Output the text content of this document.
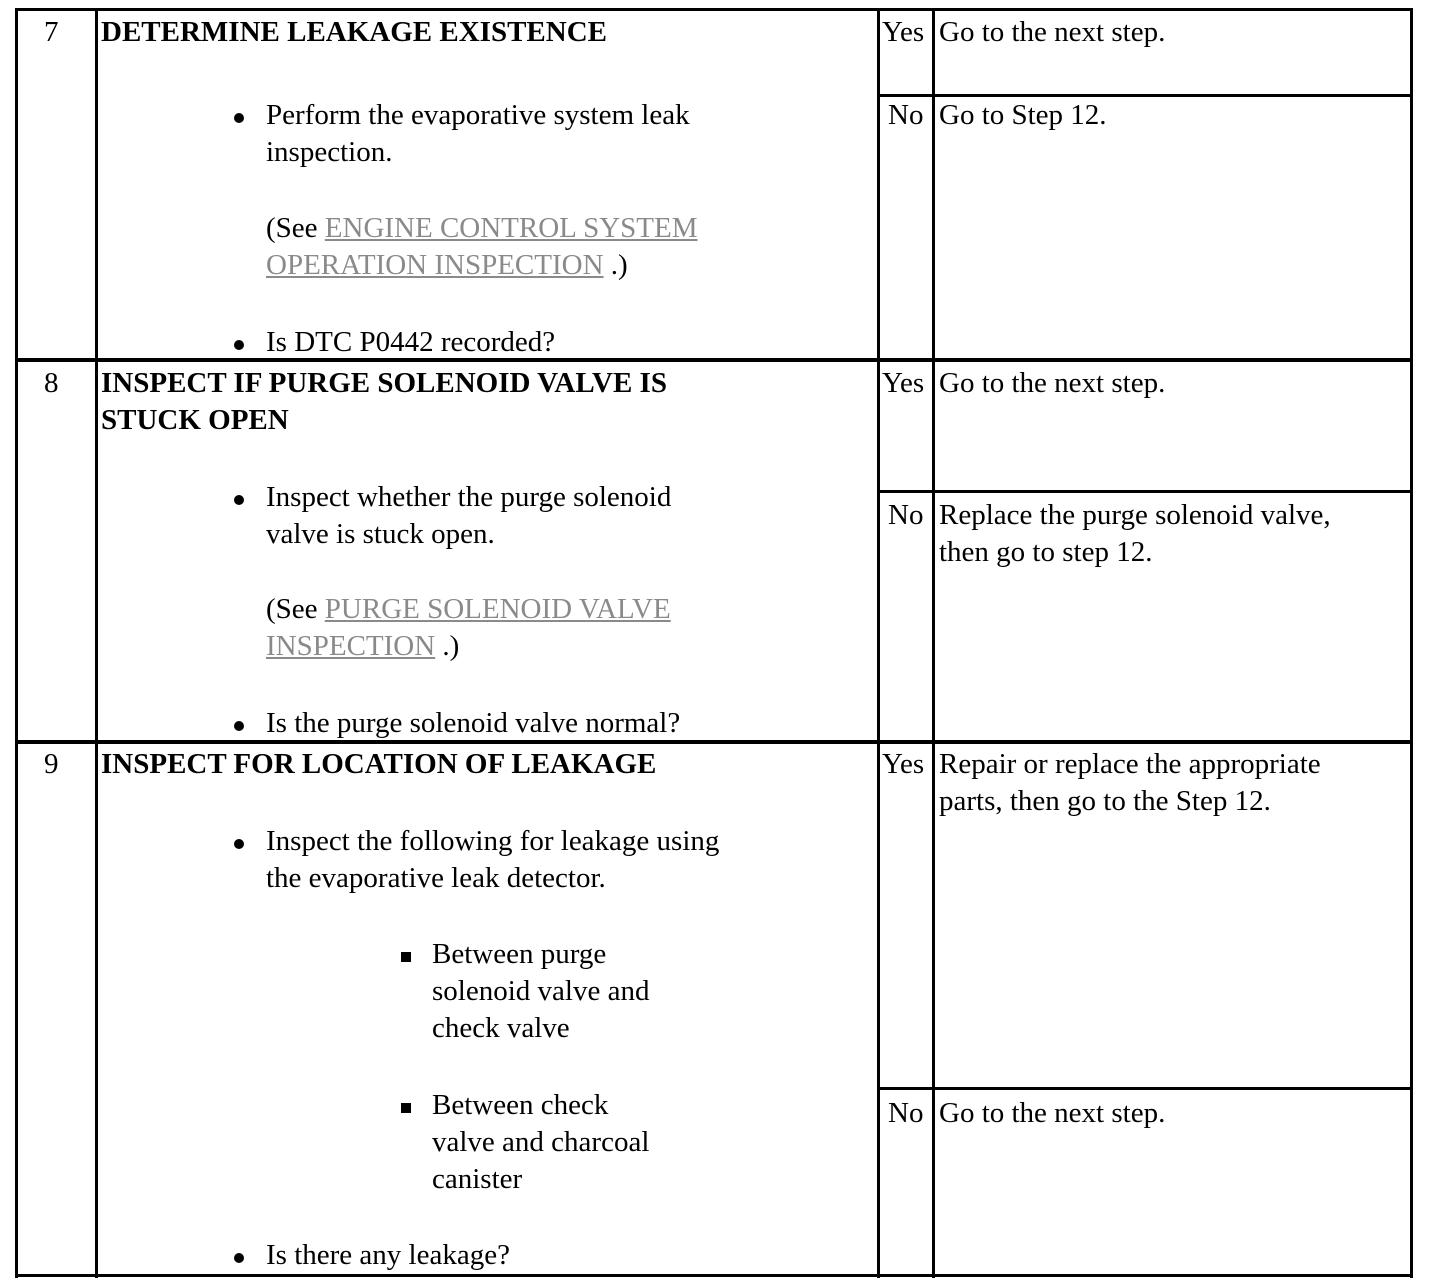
7 DETERMINE LEAKAGE EXISTENCE
Perform the evaporative system leak
inspection.
(See ENGINE CONTROL SYSTEM
OPERATION INSPECTION .)
Is DTC P0442 recorded?
Yes Go to the next step.
No Go to Step 12.
8 INSPECT IF PURGE SOLENOID VALVE IS
STUCK OPEN
Inspect whether the purge solenoid
valve is stuck open.
(See PURGE SOLENOID VALVE
INSPECTION .)
Is the purge solenoid valve normal?
Yes Go to the next step.
No Replace the purge solenoid valve,
then go to step 12.
9 INSPECT FOR LOCATION OF LEAKAGE
Inspect the following for leakage using
the evaporative leak detector.
Between purge
solenoid valve and
check valve
Between check
valve and charcoal
canister
Is there any leakage?
Yes Repair or replace the appropriate
parts, then go to the Step 12.
No Go to the next step.
